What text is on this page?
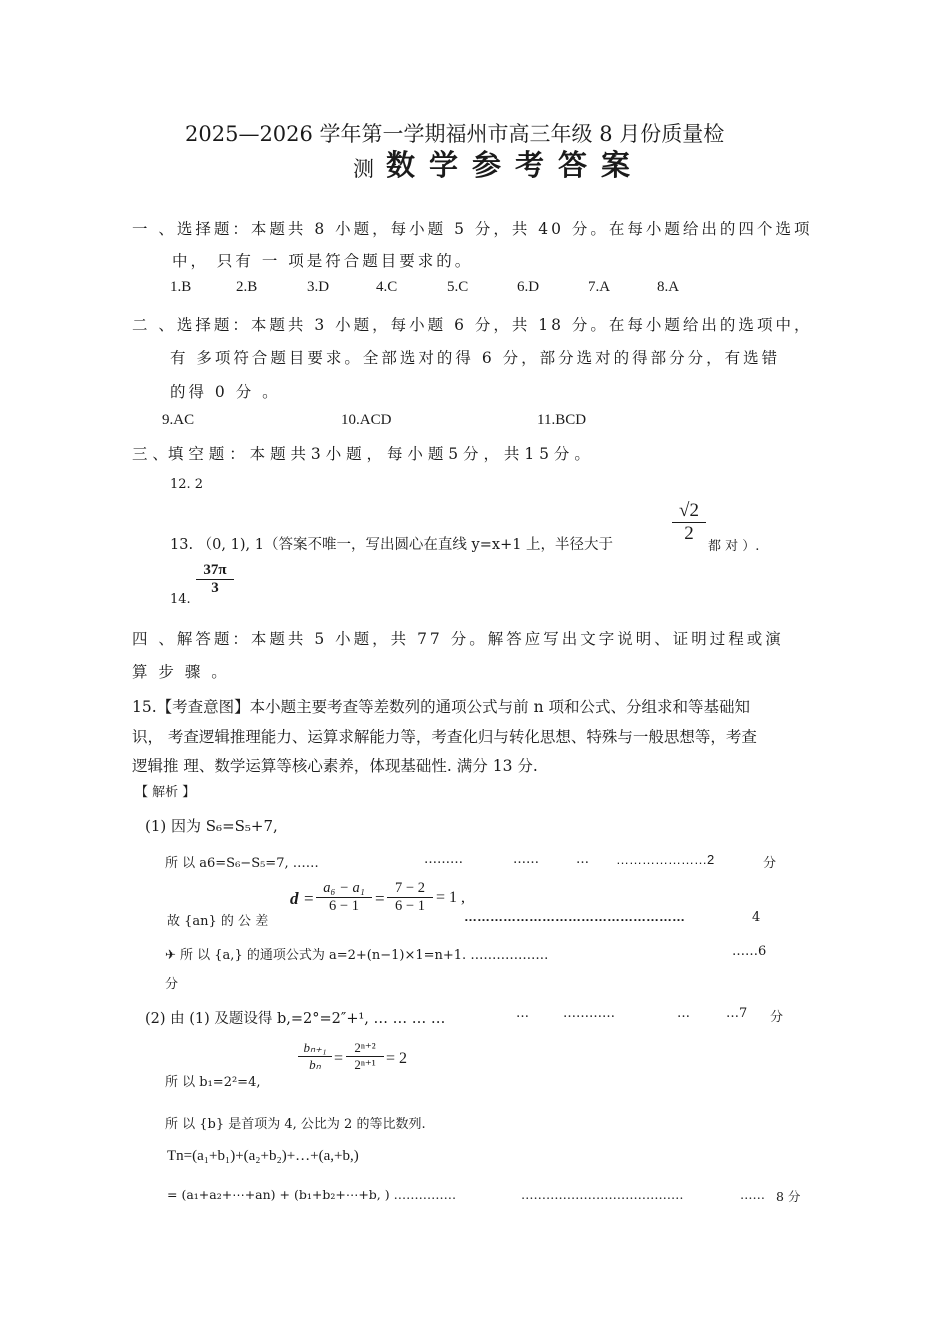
2025—2026 学年第一学期福州市高三年级 8 月份质量检
测 数学参考答案
一 、选择题：本题共 8 小题，每小题 5 分，共 40 分。在每小题给出的四个选项
中， 只有 一 项是符合题目要求的。
1.B	2.B	3.D	4.C	5.C	6.D	7.A	8.A
二 、选择题：本题共 3 小题，每小题 6 分，共 18 分。在每小题给出的选项中，
有 多项符合题目要求。全部选对的得 6 分，部分选对的得部分分，有选错
的得 0 分 。
9.AC	10.ACD	11.BCD
三 、填 空 题 ： 本 题 共 3 小 题 ， 每 小 题 5 分 ， 共 1 5 分 。
12. 2
13. （0, 1), 1（答案不唯一，写出圆心在直线 y=x+1 上，半径大于
√2
2
都 对 ）.
14.
37π
3
四 、解答题：本题共 5 小题，共 77 分。解答应写出文字说明、证明过程或演
算 步 骤 。
15.【考查意图】本小题主要考查等差数列的通项公式与前 n 项和公式、分组求和等基础知
识， 考查逻辑推理能力、运算求解能力等，考查化归与转化思想、特殊与一般思想等，考查
逻辑推 理、数学运算等核心素养，体现基础性. 满分 13 分.
【 解析 】
(1) 因为 S₆=S₅+7,
所 以 a6=S₆−S₅=7, ……	………	……	… …………………2	分
故 {an} 的 公 差
d =
a₆ − a₁
6 − 1 =
7 − 2
6 − 1 = 1 ,
……………………………………………	4
✈ 所 以 {a,} 的通项公式为 a=2+(n−1)×1=n+1. ………………	……6
分
(2) 由 (1) 及题设得 b,=2°=2″+¹, … … … …	…	…………	…	…7 分
所 以 b₁=2²=4,
bₙ₊₁
bₙ =
2ⁿ⁺²
2ⁿ⁺¹ = 2
所 以 {b} 是首项为 4, 公比为 2 的等比数列.
Tn=(a₁+b₁)+(a₂+b₂)+…+(a,+b,)
= (a₁+a₂+⋯+an) + (b₁+b₂+⋯+b, ) ……………	…………………………………	…… 8 分
